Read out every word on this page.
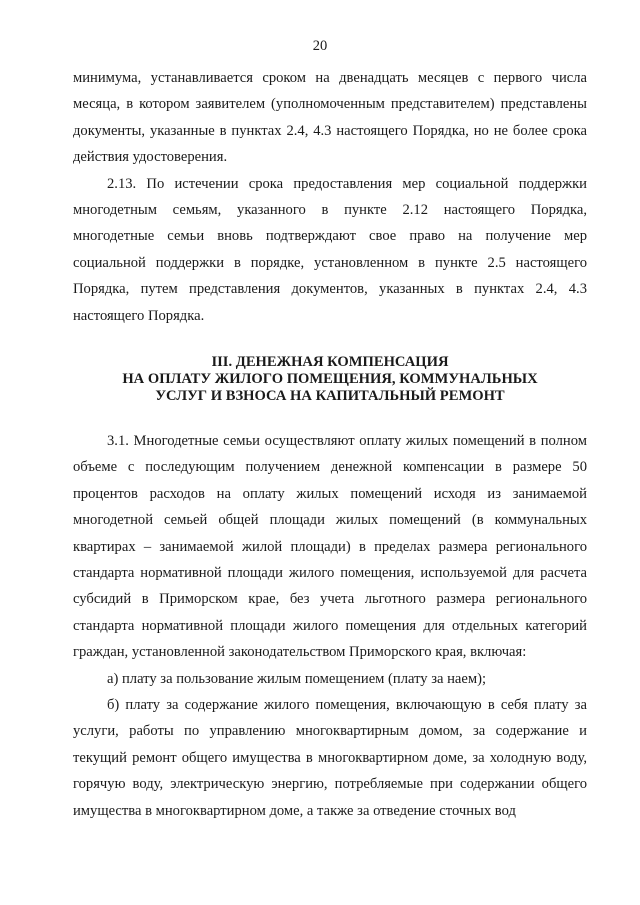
20

минимума, устанавливается сроком на двенадцать месяцев с первого числа месяца, в котором заявителем (уполномоченным представителем) представлены документы, указанные в пунктах 2.4, 4.3 настоящего Порядка, но не более срока действия удостоверения.

2.13. По истечении срока предоставления мер социальной поддержки многодетным семьям, указанного в пункте 2.12 настоящего Порядка, многодетные семьи вновь подтверждают свое право на получение мер социальной поддержки в порядке, установленном в пункте 2.5 настоящего Порядка, путем представления документов, указанных в пунктах 2.4, 4.3 настоящего Порядка.

III. ДЕНЕЖНАЯ КОМПЕНСАЦИЯ
НА ОПЛАТУ ЖИЛОГО ПОМЕЩЕНИЯ, КОММУНАЛЬНЫХ
УСЛУГ И ВЗНОСА НА КАПИТАЛЬНЫЙ РЕМОНТ

3.1. Многодетные семьи осуществляют оплату жилых помещений в полном объеме с последующим получением денежной компенсации в размере 50 процентов расходов на оплату жилых помещений исходя из занимаемой многодетной семьей общей площади жилых помещений (в коммунальных квартирах – занимаемой жилой площади) в пределах размера регионального стандарта нормативной площади жилого помещения, используемой для расчета субсидий в Приморском крае, без учета льготного размера регионального стандарта нормативной площади жилого помещения для отдельных категорий граждан, установленной законодательством Приморского края, включая:

а) плату за пользование жилым помещением (плату за наем);

б) плату за содержание жилого помещения, включающую в себя плату за услуги, работы по управлению многоквартирным домом, за содержание и текущий ремонт общего имущества в многоквартирном доме, за холодную воду, горячую воду, электрическую энергию, потребляемые при содержании общего имущества в многоквартирном доме, а также за отведение сточных вод
